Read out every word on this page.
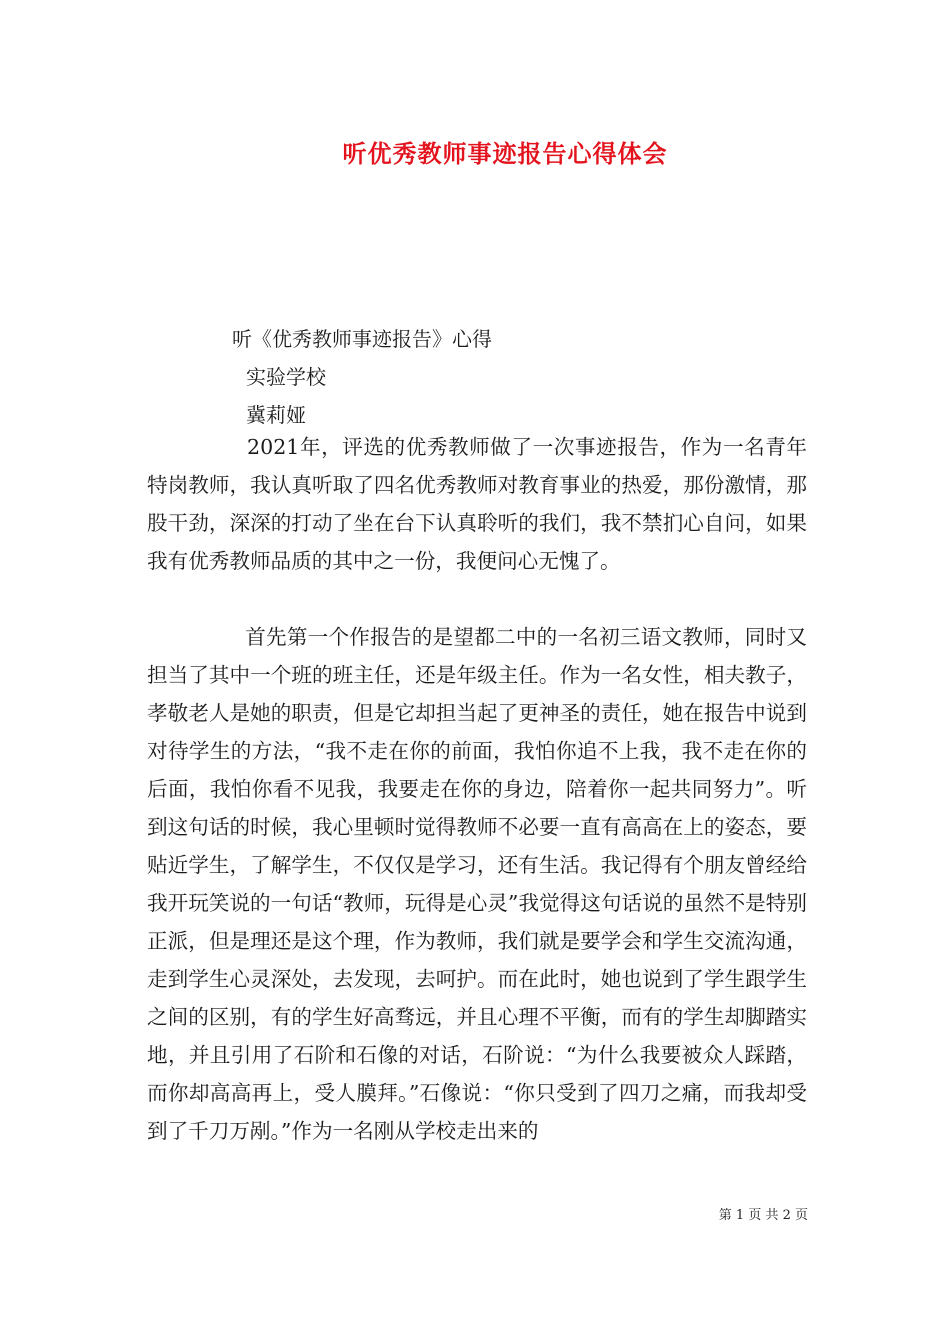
听优秀教师事迹报告心得体会
听《优秀教师事迹报告》心得
实验学校
冀莉娅

2021年，评选的优秀教师做了一次事迹报告，作为一名青年特岗教师，我认真听取了四名优秀教师对教育事业的热爱，那份激情，那股干劲，深深的打动了坐在台下认真聆听的我们，我不禁扪心自问，如果我有优秀教师品质的其中之一份，我便问心无愧了。

首先第一个作报告的是望都二中的一名初三语文教师，同时又担当了其中一个班的班主任，还是年级主任。作为一名女性，相夫教子，孝敬老人是她的职责，但是它却担当起了更神圣的责任，她在报告中说到对待学生的方法，“我不走在你的前面，我怕你追不上我，我不走在你的后面，我怕你看不见我，我要走在你的身边，陪着你一起共同努力”。听到这句话的时候，我心里顿时觉得教师不必要一直有高高在上的姿态，要贴近学生，了解学生，不仅仅是学习，还有生活。我记得有个朋友曾经给我开玩笑说的一句话“教师，玩得是心灵”我觉得这句话说的虽然不是特别正派，但是理还是这个理，作为教师，我们就是要学会和学生交流沟通，走到学生心灵深处，去发现，去呵护。而在此时，她也说到了学生跟学生之间的区别，有的学生好高骛远，并且心理不平衡，而有的学生却脚踏实地，并且引用了石阶和石像的对话，石阶说：“为什么我要被众人踩踏，而你却高高再上，受人膜拜。”石像说：“你只受到了四刀之痛，而我却受到了千刀万剐。”作为一名刚从学校走出来的

第 1 页 共 2 页
